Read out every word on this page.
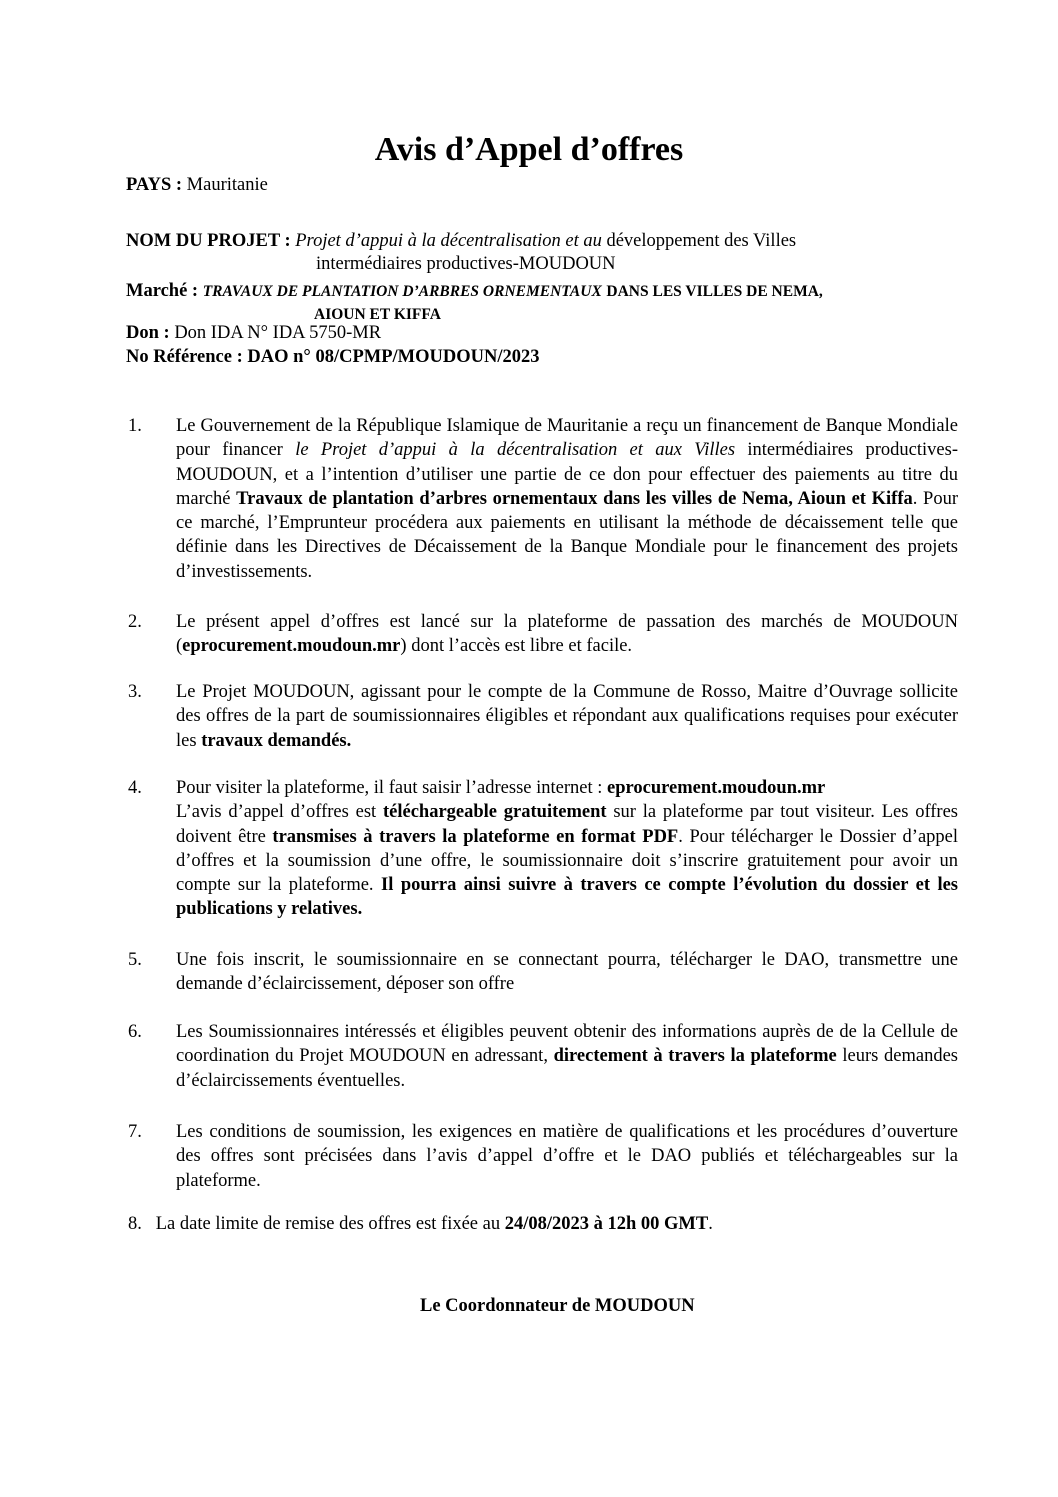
Avis d’Appel d’offres
PAYS : Mauritanie
NOM DU PROJET : Projet d’appui à la décentralisation et au développement des Villes
intermédiaires productives-MOUDOUN
Marché : TRAVAUX DE PLANTATION D’ARBRES ORNEMENTAUX DANS LES VILLES DE NEMA,
AIOUN ET KIFFA
Don : Don IDA N° IDA 5750-MR
No Référence : DAO n° 08/CPMP/MOUDOUN/2023
1.	Le Gouvernement de la République Islamique de Mauritanie a reçu un financement de Banque Mondiale pour financer le Projet d’appui à la décentralisation et aux Villes intermédiaires productives-MOUDOUN, et a l’intention d’utiliser une partie de ce don pour effectuer des paiements au titre du marché Travaux de plantation d’arbres ornementaux dans les villes de Nema, Aioun et Kiffa. Pour ce marché, l’Emprunteur procédera aux paiements en utilisant la méthode de décaissement telle que définie dans les Directives de Décaissement de la Banque Mondiale pour le financement des projets d’investissements.
2.	Le présent appel d’offres est lancé sur la plateforme de passation des marchés de MOUDOUN (eprocurement.moudoun.mr) dont l’accès est libre et facile.
3.	Le Projet MOUDOUN, agissant pour le compte de la Commune de Rosso, Maitre d’Ouvrage sollicite des offres de la part de soumissionnaires éligibles et répondant aux qualifications requises pour exécuter les travaux demandés.
4.	Pour visiter la plateforme, il faut saisir l’adresse internet : eprocurement.moudoun.mr
L’avis d’appel d’offres est téléchargeable gratuitement sur la plateforme par tout visiteur. Les offres doivent être transmises à travers la plateforme en format PDF. Pour télécharger le Dossier d’appel d’offres et la soumission d’une offre, le soumissionnaire doit s’inscrire gratuitement pour avoir un compte sur la plateforme. Il pourra ainsi suivre à travers ce compte l’évolution du dossier et les publications y relatives.
5.	Une fois inscrit, le soumissionnaire en se connectant pourra, télécharger le DAO, transmettre une demande d’éclaircissement, déposer son offre
6.	Les Soumissionnaires intéressés et éligibles peuvent obtenir des informations auprès de de la Cellule de coordination du Projet MOUDOUN en adressant, directement à travers la plateforme leurs demandes d’éclaircissements éventuelles.
7.	Les conditions de soumission, les exigences en matière de qualifications et les procédures d’ouverture des offres sont précisées dans l’avis d’appel d’offre et le DAO publiés et téléchargeables sur la plateforme.
8. La date limite de remise des offres est fixée au 24/08/2023 à 12h 00 GMT.
Le Coordonnateur de MOUDOUN
